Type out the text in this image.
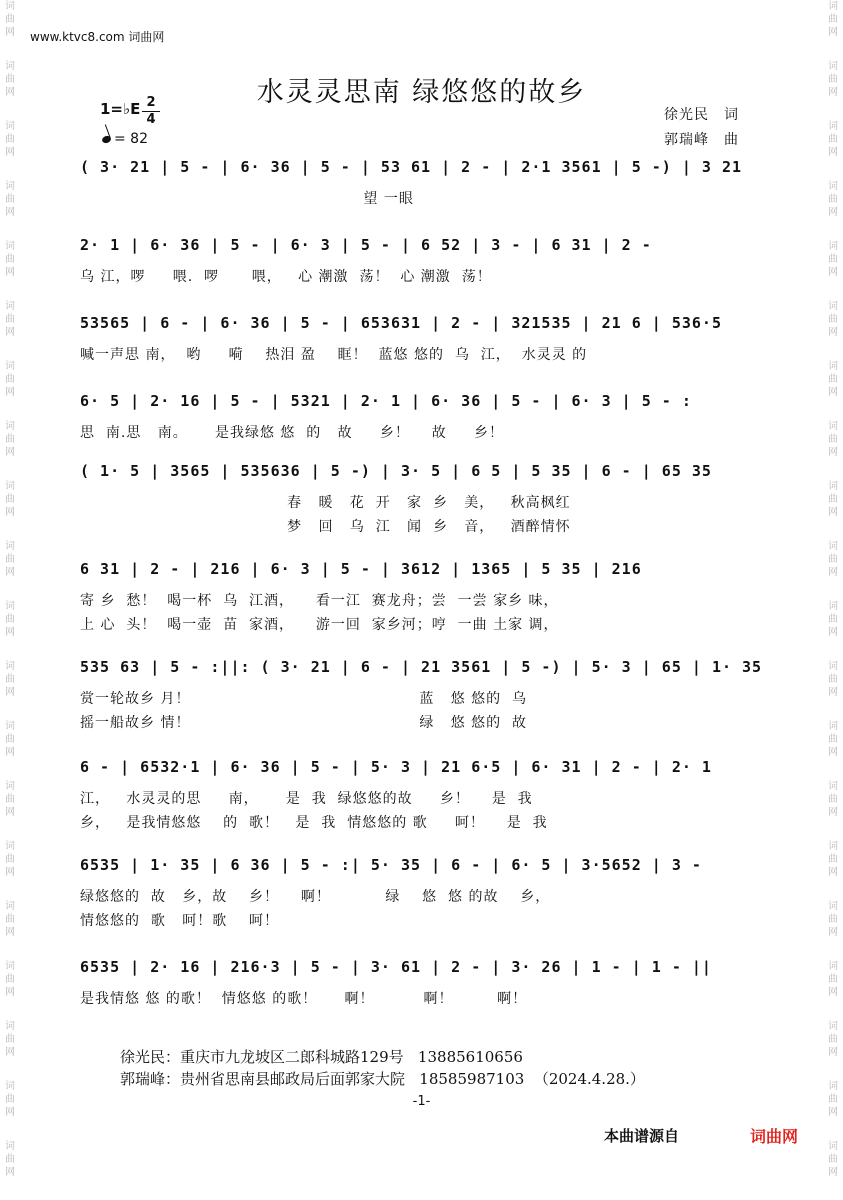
词
曲
网
词
曲
网
词
曲
网
词
曲
网
词
曲
网
词
曲
网
词
曲
网
词
曲
网
词
曲
网
词
曲
网
词
曲
网
词
曲
网
词
曲
网
词
曲
网
词
曲
网
词
曲
网
词
曲
网
词
曲
网
词
曲
网
词
曲
网
词
曲
网
词
曲
网
词
曲
网
词
曲
网
词
曲
网
词
曲
网
词
曲
网
词
曲
网
词
曲
网
词
曲
网
词
曲
网
词
曲
网
词
曲
网
词
曲
网
词
曲
网
词
曲
网
词
曲
网
词
曲
网
词
曲
网
词
曲
网
www.ktvc8.com 词曲网
水灵灵思南 绿悠悠的故乡
1=♭E 2
4
= 82
徐光民　词
郭瑞峰　曲
( 3· 21 | 5 - | 6· 36 | 5 - | 53 61 | 2 - | 2·1 3561 | 5 -) | 3 21
望 一眼
2· 1 | 6· 36 | 5 - | 6· 3 | 5 - | 6 52 | 3 - | 6 31 | 2 -
乌 江，啰     喂.  啰      喂，   心 潮激  荡！  心 潮激  荡！
53565 | 6 - | 6· 36 | 5 - | 653631 | 2 - | 321535 | 21 6 | 536·5
喊一声思 南，  哟     嗬    热泪 盈    眶！  蓝悠 悠的  乌  江，  水灵灵 的
6· 5 | 2· 16 | 5 - | 5321 | 2· 1 | 6· 36 | 5 - | 6· 3 | 5 - :
思  南.思   南。     是我绿悠 悠  的   故     乡！    故     乡！
( 1· 5 | 3565 | 535636 | 5 -) | 3· 5 | 6 5 | 5 35 | 6 - | 65 35
春   暖   花  开   家  乡   美，   秋高枫红
梦   回   乌  江   闻  乡   音，   酒醉情怀
6 31 | 2 - | 216 | 6· 3 | 5 - | 3612 | 1365 | 5 35 | 216
寄 乡  愁！  喝一杯  乌  江酒，    看一江  赛龙舟；尝  一尝 家乡 味，
上 心  头！  喝一壶  苗  家酒，    游一回  家乡河；哼  一曲 土家 调，
535 63 | 5 - :||: ( 3· 21 | 6 - | 21 3561 | 5 -) | 5· 3 | 65 | 1· 35
赏一轮故乡 月！                                          蓝   悠 悠的  乌
摇一船故乡 情！                                          绿   悠 悠的  故
6 - | 6532·1 | 6· 36 | 5 - | 5· 3 | 21 6·5 | 6· 31 | 2 - | 2· 1
江，   水灵灵的思     南，     是  我  绿悠悠的故     乡！    是  我
乡，   是我情悠悠    的  歌！   是  我  情悠悠的 歌     呵！    是  我
6535 | 1· 35 | 6 36 | 5 - :| 5· 35 | 6 - | 6· 5 | 3·5652 | 3 -
绿悠悠的  故   乡，故    乡！    啊！          绿    悠  悠 的故    乡，
情悠悠的  歌   呵！歌    呵！
6535 | 2· 16 | 216·3 | 5 - | 3· 61 | 2 - | 3· 26 | 1 - | 1 - ||
是我情悠 悠 的歌！  情悠悠 的歌！     啊！         啊！        啊！
徐光民：重庆市九龙坡区二郎科城路129号   13885610656
郭瑞峰：贵州省思南县邮政局后面郭家大院   18585987103  （2024.4.28.）
-1-
本曲谱源自	词曲网
